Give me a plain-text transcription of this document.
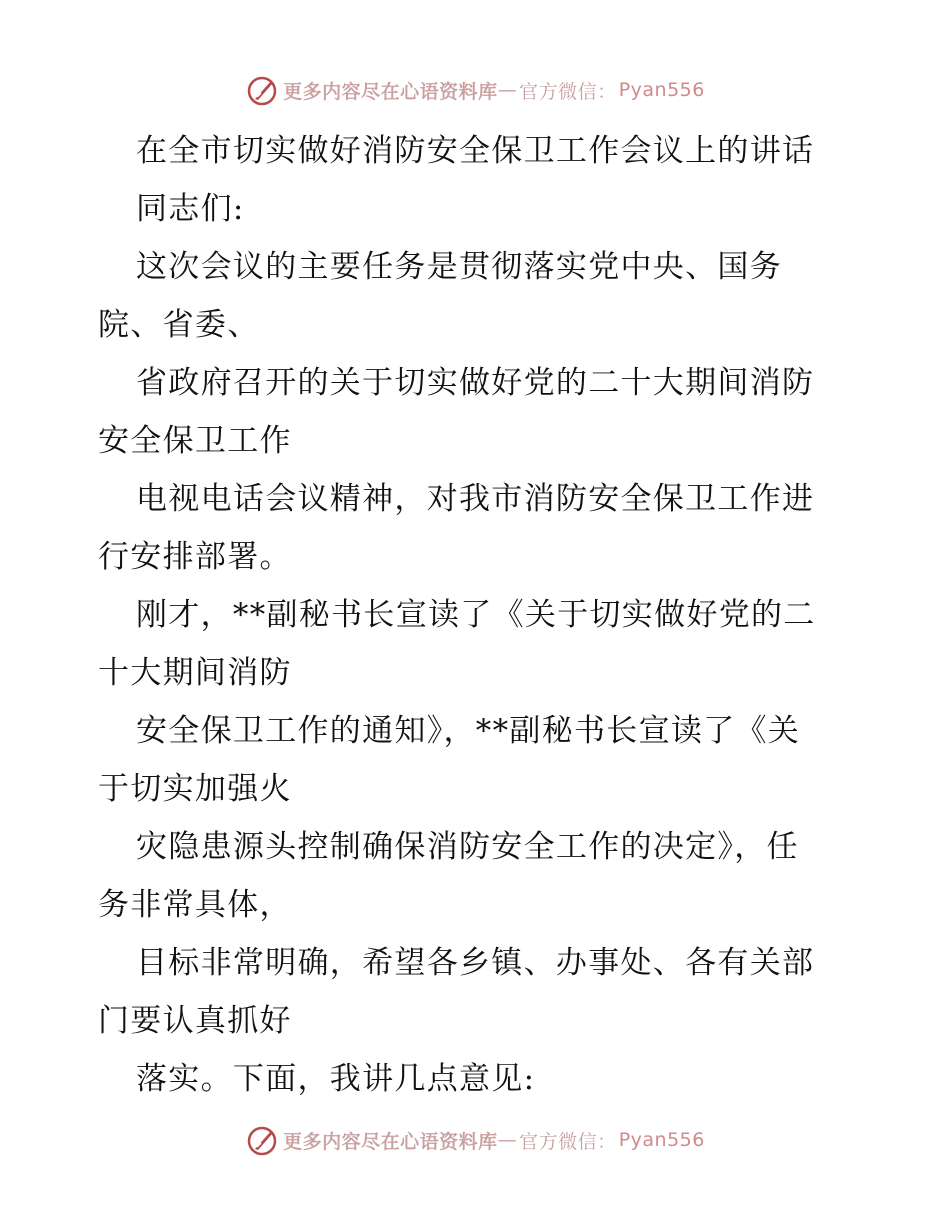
更多内容尽在心语资料库 — 官方微信： Pyan556
在全市切实做好消防安全保卫工作会议上的讲话
同志们:
这次会议的主要任务是贯彻落实党中央、国务
院、省委、
省政府召开的关于切实做好党的二十大期间消防
安全保卫工作
电视电话会议精神，对我市消防安全保卫工作进
行安排部署。
刚才，**副秘书长宣读了《关于切实做好党的二
十大期间消防
安全保卫工作的通知》，**副秘书长宣读了《关
于切实加强火
灾隐患源头控制确保消防安全工作的决定》，任
务非常具体，
目标非常明确，希望各乡镇、办事处、各有关部
门要认真抓好
落实。下面，我讲几点意见:
更多内容尽在心语资料库 — 官方微信： Pyan556
